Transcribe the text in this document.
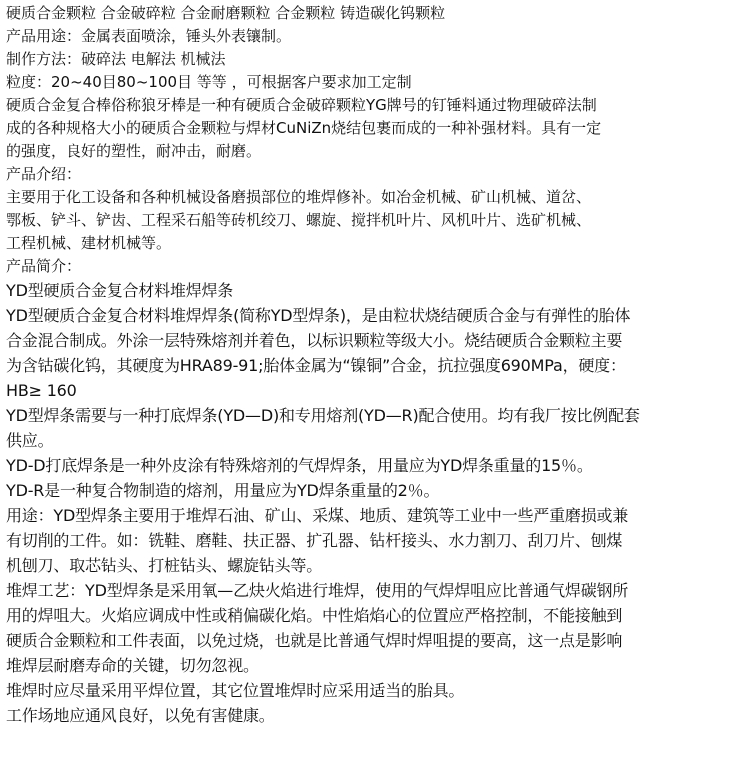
硬质合金颗粒 合金破碎粒 合金耐磨颗粒 合金颗粒 铸造碳化钨颗粒
产品用途：金属表面喷涂，锤头外表镶制。
制作方法：破碎法 电解法 机械法
粒度：20~40目80~100目 等等 ，可根据客户要求加工定制
硬质合金复合棒俗称狼牙棒是一种有硬质合金破碎颗粒YG牌号的钉锤料通过物理破碎法制
成的各种规格大小的硬质合金颗粒与焊材CuNiZn烧结包裹而成的一种补强材料。具有一定
的强度，良好的塑性，耐冲击，耐磨。
产品介绍：
主要用于化工设备和各种机械设备磨损部位的堆焊修补。如冶金机械、矿山机械、道岔、
鄂板、铲斗、铲齿、工程采石船等砖机绞刀、螺旋、搅拌机叶片、风机叶片、选矿机械、
工程机械、建材机械等。
产品简介：
YD型硬质合金复合材料堆焊焊条
YD型硬质合金复合材料堆焊焊条(简称YD型焊条)，是由粒状烧结硬质合金与有弹性的胎体
合金混合制成。外涂一层特殊熔剂并着色，以标识颗粒等级大小。烧结硬质合金颗粒主要
为含钴碳化钨，其硬度为HRA89-91;胎体金属为“镍铜”合金，抗拉强度690MPa，硬度：
HB≥ 160
YD型焊条需要与一种打底焊条(YD—D)和专用熔剂(YD—R)配合使用。均有我厂按比例配套
供应。
YD-D打底焊条是一种外皮涂有特殊熔剂的气焊焊条，用量应为YD焊条重量的15％。
YD-R是一种复合物制造的熔剂，用量应为YD焊条重量的2％。
用途：YD型焊条主要用于堆焊石油、矿山、采煤、地质、建筑等工业中一些严重磨损或兼
有切削的工件。如：铣鞋、磨鞋、扶正器、扩孔器、钻杆接头、水力割刀、刮刀片、刨煤
机刨刀、取芯钻头、打桩钻头、螺旋钻头等。
堆焊工艺：YD型焊条是采用氧—乙炔火焰进行堆焊，使用的气焊焊咀应比普通气焊碳钢所
用的焊咀大。火焰应调成中性或稍偏碳化焰。中性焰焰心的位置应严格控制，不能接触到
硬质合金颗粒和工件表面，以免过烧，也就是比普通气焊时焊咀提的要高，这一点是影响
堆焊层耐磨寿命的关键，切勿忽视。
堆焊时应尽量采用平焊位置，其它位置堆焊时应采用适当的胎具。
工作场地应通风良好，以免有害健康。
